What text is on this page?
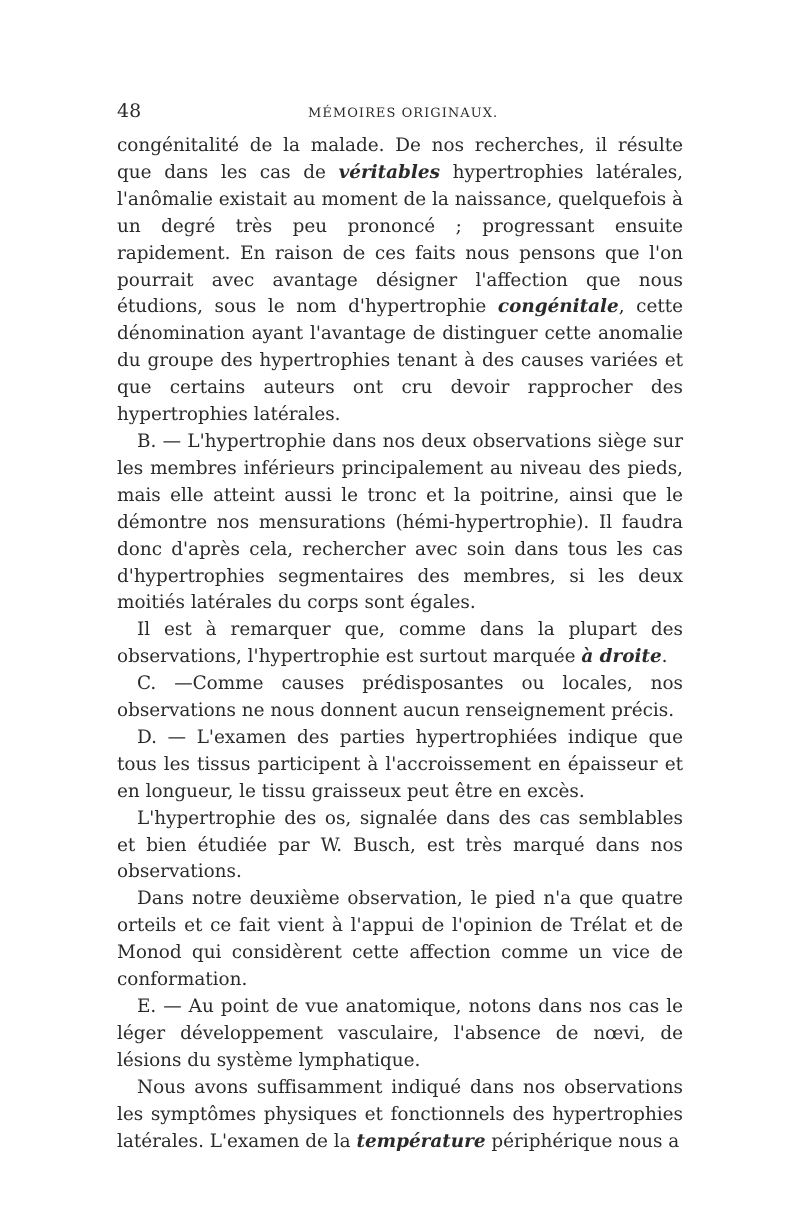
48	MÉMOIRES ORIGINAUX.

congénitalité de la malade. De nos recherches, il résulte que dans les cas de véritables hypertrophies latérales, l'anômalie existait au moment de la naissance, quelquefois à un degré très peu prononcé ; progressant ensuite rapidement. En raison de ces faits nous pensons que l'on pourrait avec avantage désigner l'affection que nous étudions, sous le nom d'hypertrophie congénitale, cette dénomination ayant l'avantage de distinguer cette anomalie du groupe des hypertrophies tenant à des causes variées et que certains auteurs ont cru devoir rapprocher des hypertrophies latérales.

B. — L'hypertrophie dans nos deux observations siège sur les membres inférieurs principalement au niveau des pieds, mais elle atteint aussi le tronc et la poitrine, ainsi que le démontre nos mensurations (hémi-hypertrophie). Il faudra donc d'après cela, rechercher avec soin dans tous les cas d'hypertrophies segmentaires des membres, si les deux moitiés latérales du corps sont égales.

Il est à remarquer que, comme dans la plupart des observations, l'hypertrophie est surtout marquée à droite.

C. —Comme causes prédisposantes ou locales, nos observations ne nous donnent aucun renseignement précis.

D. — L'examen des parties hypertrophiées indique que tous les tissus participent à l'accroissement en épaisseur et en longueur, le tissu graisseux peut être en excès.

L'hypertrophie des os, signalée dans des cas semblables et bien étudiée par W. Busch, est très marqué dans nos observations.

Dans notre deuxième observation, le pied n'a que quatre orteils et ce fait vient à l'appui de l'opinion de Trélat et de Monod qui considèrent cette affection comme un vice de conformation.

E. — Au point de vue anatomique, notons dans nos cas le léger développement vasculaire, l'absence de nœvi, de lésions du système lymphatique.

Nous avons suffisamment indiqué dans nos observations les symptômes physiques et fonctionnels des hypertrophies latérales. L'examen de la température périphérique nous a
